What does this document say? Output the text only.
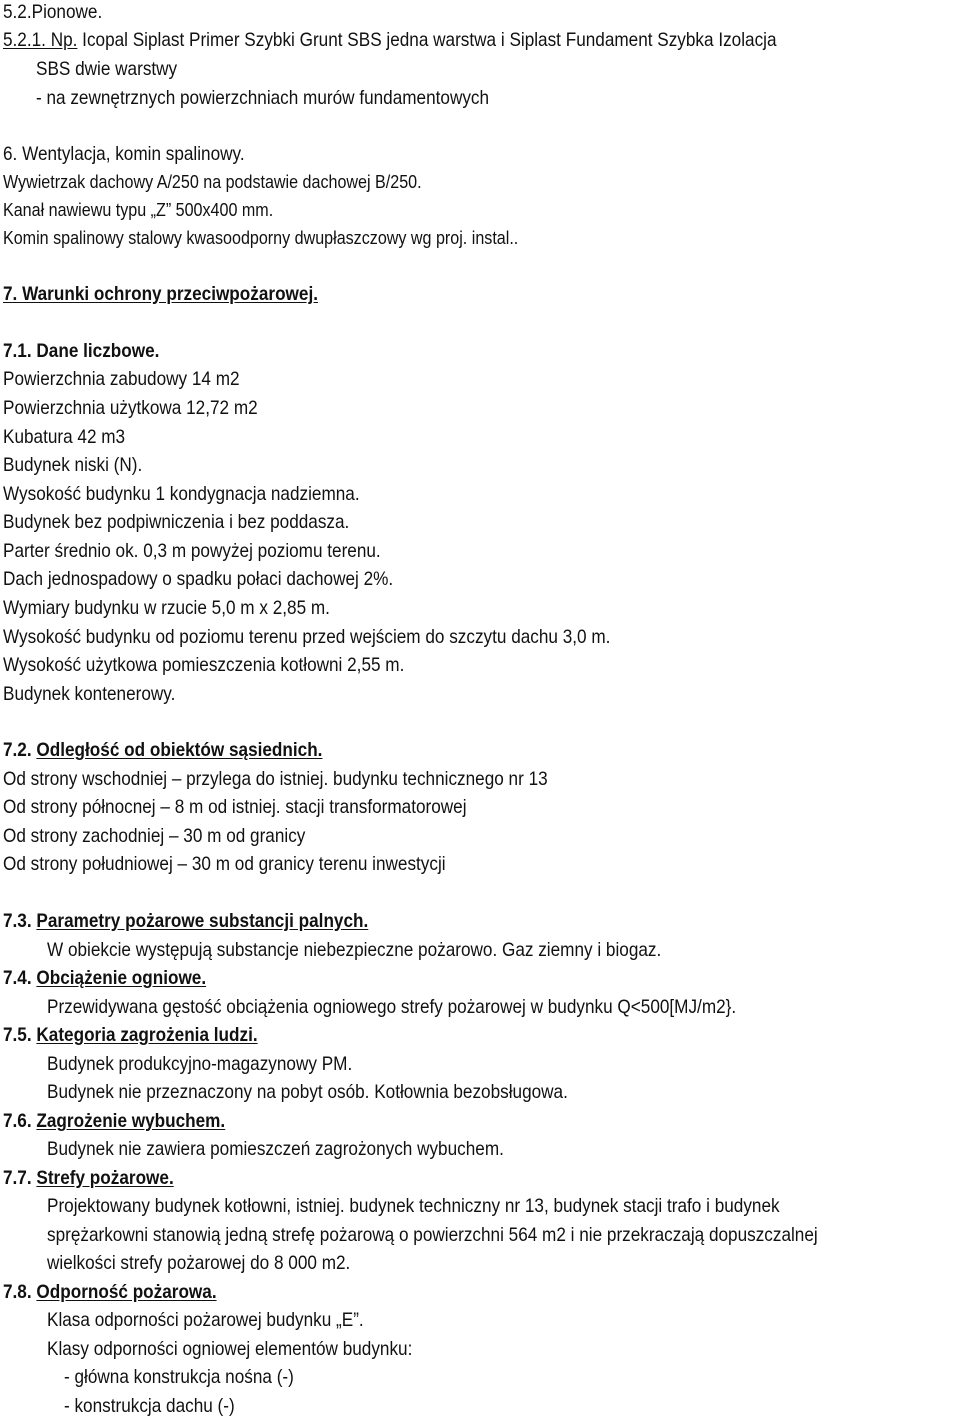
5.2.Pionowe.
5.2.1. Np. Icopal Siplast Primer Szybki Grunt SBS jedna warstwa i Siplast Fundament Szybka Izolacja
SBS dwie warstwy
- na zewnętrznych powierzchniach murów fundamentowych
6. Wentylacja, komin spalinowy.
Wywietrzak dachowy A/250 na podstawie dachowej B/250.
Kanał nawiewu typu „Z” 500x400 mm.
Komin spalinowy stalowy kwasoodporny dwupłaszczowy wg proj. instal..
7. Warunki ochrony przeciwpożarowej.
7.1. Dane liczbowe.
Powierzchnia zabudowy 14 m2
Powierzchnia użytkowa 12,72 m2
Kubatura 42 m3
Budynek niski (N).
Wysokość budynku 1 kondygnacja nadziemna.
Budynek bez podpiwniczenia i bez poddasza.
Parter średnio ok. 0,3 m powyżej poziomu terenu.
Dach jednospadowy o spadku połaci dachowej 2%.
Wymiary budynku w rzucie 5,0 m x 2,85 m.
Wysokość budynku od poziomu terenu przed wejściem do szczytu dachu 3,0 m.
Wysokość użytkowa pomieszczenia kotłowni 2,55 m.
Budynek kontenerowy.
7.2. Odległość od obiektów sąsiednich.
Od strony wschodniej – przylega do istniej. budynku technicznego nr 13
Od strony północnej – 8 m od istniej. stacji transformatorowej
Od strony zachodniej – 30 m od granicy
Od strony południowej – 30 m od granicy terenu inwestycji
7.3. Parametry pożarowe substancji palnych.
W obiekcie występują substancje niebezpieczne pożarowo. Gaz ziemny i biogaz.
7.4. Obciążenie ogniowe.
Przewidywana gęstość obciążenia ogniowego strefy pożarowej w budynku Q<500[MJ/m2}.
7.5. Kategoria zagrożenia ludzi.
Budynek produkcyjno-magazynowy PM.
Budynek nie przeznaczony na pobyt osób. Kotłownia bezobsługowa.
7.6. Zagrożenie wybuchem.
Budynek nie zawiera pomieszczeń zagrożonych wybuchem.
7.7. Strefy pożarowe.
Projektowany budynek kotłowni, istniej. budynek techniczny nr 13, budynek stacji trafo i budynek
sprężarkowni stanowią jedną strefę pożarową o powierzchni 564 m2 i nie przekraczają dopuszczalnej
wielkości strefy pożarowej do 8 000 m2.
7.8. Odporność pożarowa.
Klasa odporności pożarowej budynku „E”.
Klasy odporności ogniowej elementów budynku:
- główna konstrukcja nośna (-)
- konstrukcja dachu (-)
